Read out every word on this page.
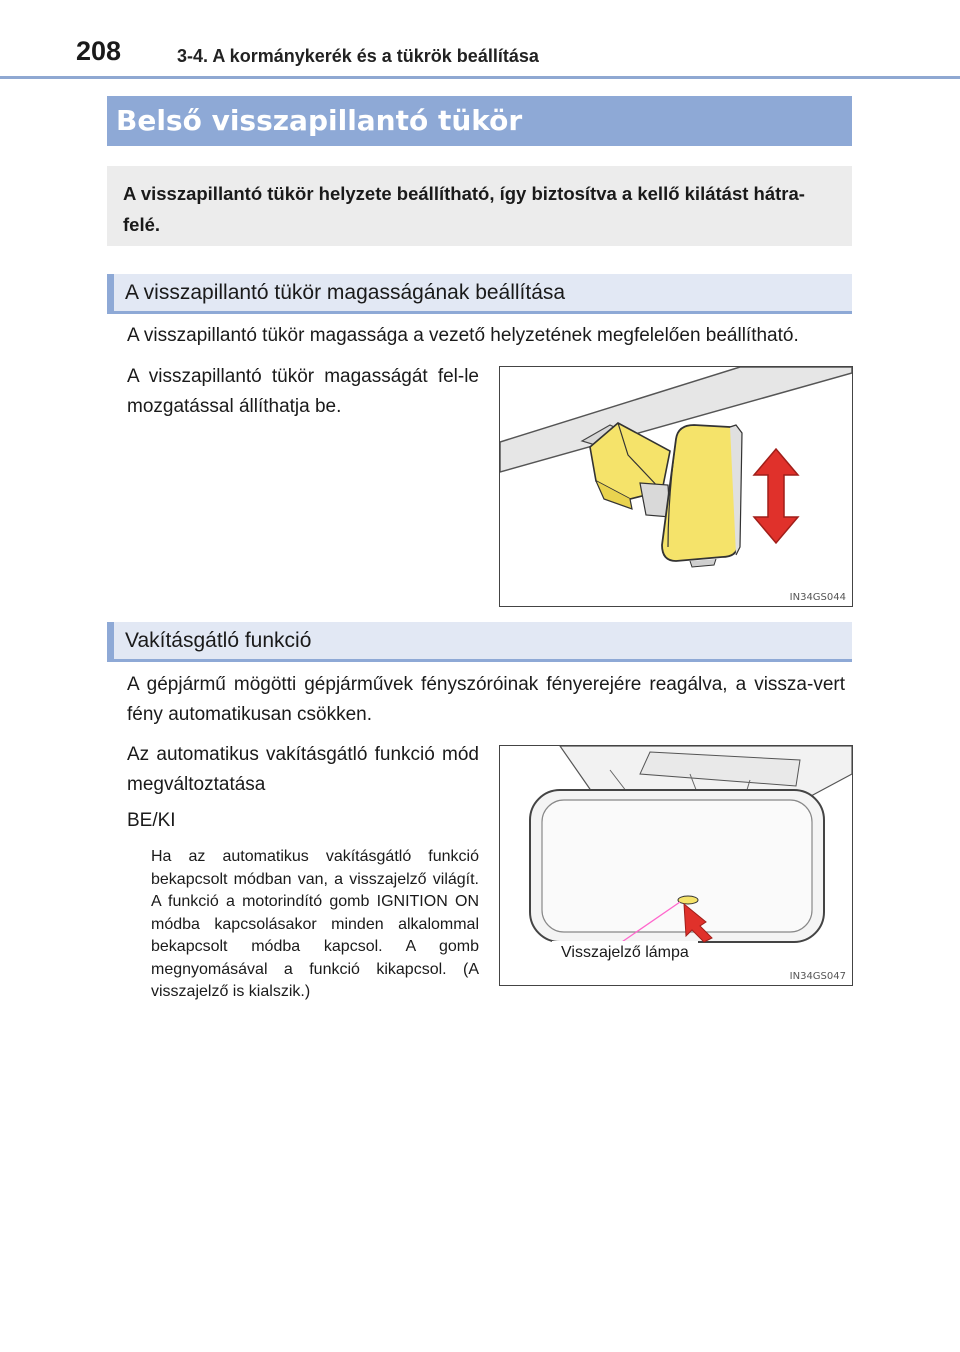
208	3-4. A kormánykerék és a tükrök beállítása
Belső visszapillantó tükör
A visszapillantó tükör helyzete beállítható, így biztosítva a kellő kilátást hátra-felé.
A visszapillantó tükör magasságának beállítása
A visszapillantó tükör magassága a vezető helyzetének megfelelően beállítható.
A visszapillantó tükör magasságát fel-le mozgatással állíthatja be.
IN34GS044
Vakításgátló funkció
A gépjármű mögötti gépjárművek fényszóróinak fényerejére reagálva, a vissza-vert fény automatikusan csökken.
Az automatikus vakításgátló funkció mód megváltoztatása
BE/KI
Ha az automatikus vakításgátló funkció bekapcsolt módban van, a visszajelző világít. A funkció a motorindító gomb IGNITION ON módba kapcsolásakor minden alkalommal bekapcsolt módba kapcsol. A gomb megnyomásával a funkció kikapcsol. (A visszajelző is kialszik.)
IN34GS047
Visszajelző lámpa
